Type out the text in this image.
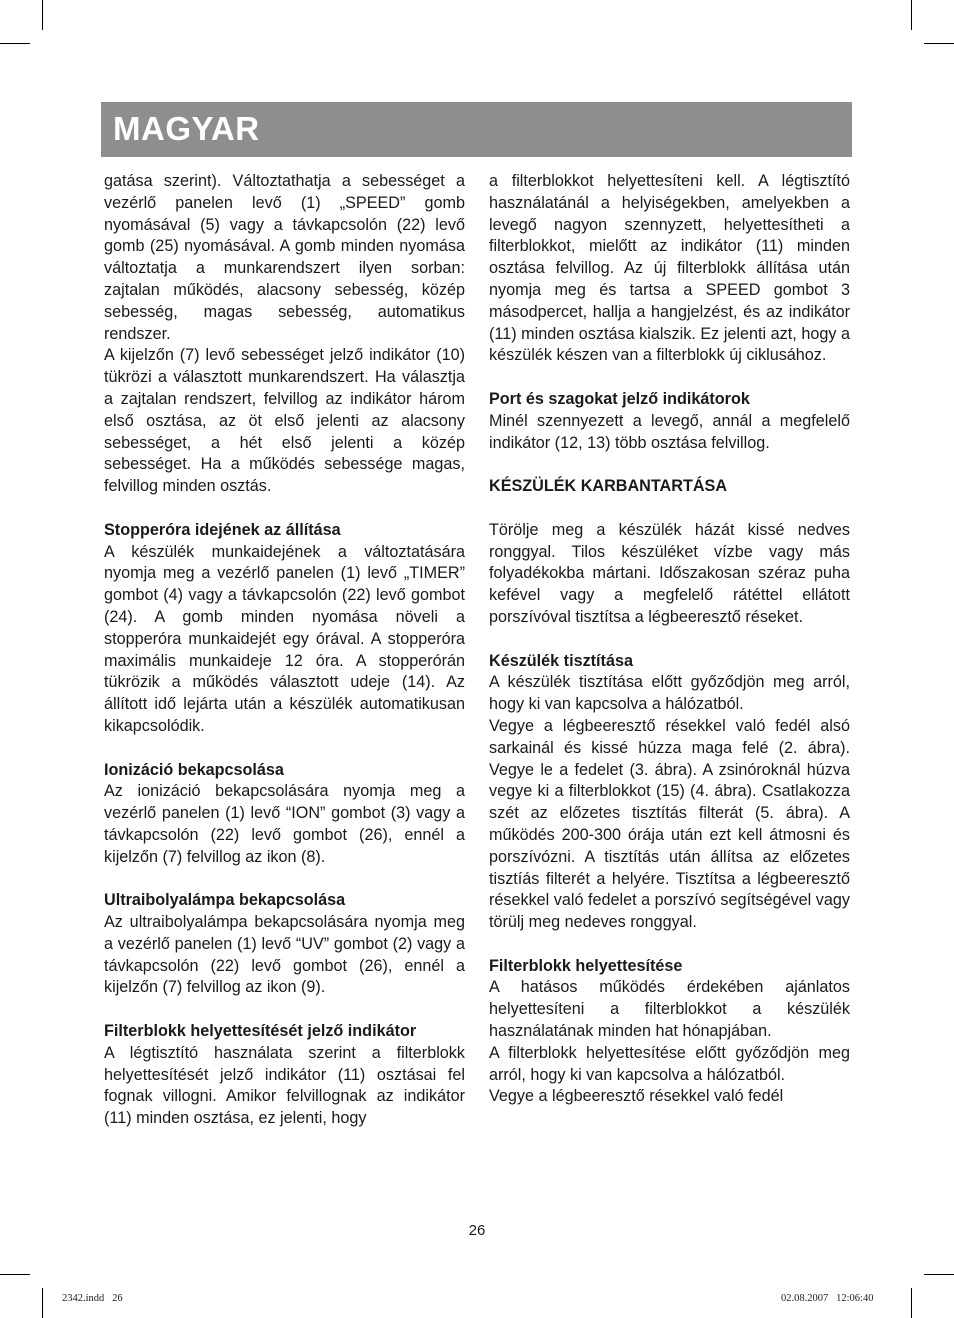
MAGYAR

gatása szerint). Változtathatja a sebességet a vezérlő panelen levő (1) „SPEED” gomb nyomásával (5) vagy a távkapcsolón (22) levő gomb (25) nyomásával. A gomb minden nyomása változtatja a munkarendszert ilyen sorban: zajtalan működés, alacsony sebesség, közép sebesség, magas sebesség, automatikus rendszer.

A kijelzőn (7) levő sebességet jelző indikátor (10) tükrözi a választott munkarendszert. Ha választja a zajtalan rendszert, felvillog az indikátor három első osztása, az öt első jelenti az alacsony sebességet, a hét első jelenti a közép sebességet. Ha a működés sebessége magas, felvillog minden osztás.

Stopperóra idejének az állítása

A készülék munkaidejének a változtatására nyomja meg a vezérlő panelen (1) levő „TIMER” gombot (4) vagy a távkapcsolón (22) levő gombot (24). A gomb minden nyomása növeli a stopperóra munkaidejét egy órával. A stopperóra maximális munkaideje 12 óra. A stopperórán tükrözik a működés választott udeje (14). Az állított idő lejárta után a készülék automatikusan kikapcsolódik.

Ionizáció bekapcsolása

Az ionizáció bekapcsolására nyomja meg a vezérlő panelen (1) levő “ION” gombot (3) vagy a távkapcsolón (22) levő gombot (26), ennél a kijelzőn (7) felvillog az ikon (8).

Ultraibolyalámpa bekapcsolása

Az ultraibolyalámpa bekapcsolására nyomja meg a vezérlő panelen (1) levő “UV” gombot (2) vagy a távkapcsolón (22) levő gombot (26), ennél a kijelzőn (7) felvillog az ikon (9).

Filterblokk helyettesítését jelző indikátor

A légtisztító használata szerint a filterblokk helyettesítését jelző indikátor (11) osztásai fel fognak villogni. Amikor felvillognak az indikátor (11) minden osztása, ez jelenti, hogy

a filterblokkot helyettesíteni kell. A légtisztító használatánál a helyiségekben, amelyekben a levegő nagyon szennyzett, helyettesítheti a filterblokkot, mielőtt az indikátor (11) minden osztása felvillog. Az új filterblokk állítása után nyomja meg és tartsa a SPEED gombot 3 másodpercet, hallja a hangjelzést, és az indikátor (11) minden osztása kialszik. Ez jelenti azt, hogy a készülék készen van a filterblokk új ciklusához.

Port és szagokat jelző indikátorok

Minél szennyezett a levegő, annál a megfelelő indikátor (12, 13) több osztása felvillog.

KÉSZÜLÉK KARBANTARTÁSA

Törölje meg a készülék házát kissé nedves ronggyal. Tilos készüléket vízbe vagy más folyadékokba mártani. Időszakosan széraz puha kefével vagy a megfelelő rátéttel ellátott porszívóval tisztítsa a légbeeresztő réseket.

Készülék tisztítása

A készülék tisztítása előtt győződjön meg arról, hogy ki van kapcsolva a hálózatból.

Vegye a légbeeresztő résekkel való fedél alsó sarkainál és kissé húzza maga felé (2. ábra). Vegye le a fedelet (3. ábra). A zsinóroknál húzva vegye ki a filterblokkot (15) (4. ábra). Csatlakozza szét az előzetes tisztítás filterát (5. ábra). A működés 200-300 órája után ezt kell átmosni és porszívózni. A tisztítás után állítsa az előzetes tisztíás filterét a helyére. Tisztítsa a légbeeresztő résekkel való fedelet a porszívó segítségével vagy törülj meg nedeves ronggyal.

Filterblokk helyettesítése

A hatásos működés érdekében ajánlatos helyettesíteni a filterblokkot a készülék használatának minden hat hónapjában.

A filterblokk helyettesítése előtt győződjön meg arról, hogy ki van kapcsolva a hálózatból.

Vegye a légbeeresztő résekkel való fedél

26
2342.indd   26	02.08.2007   12:06:40
